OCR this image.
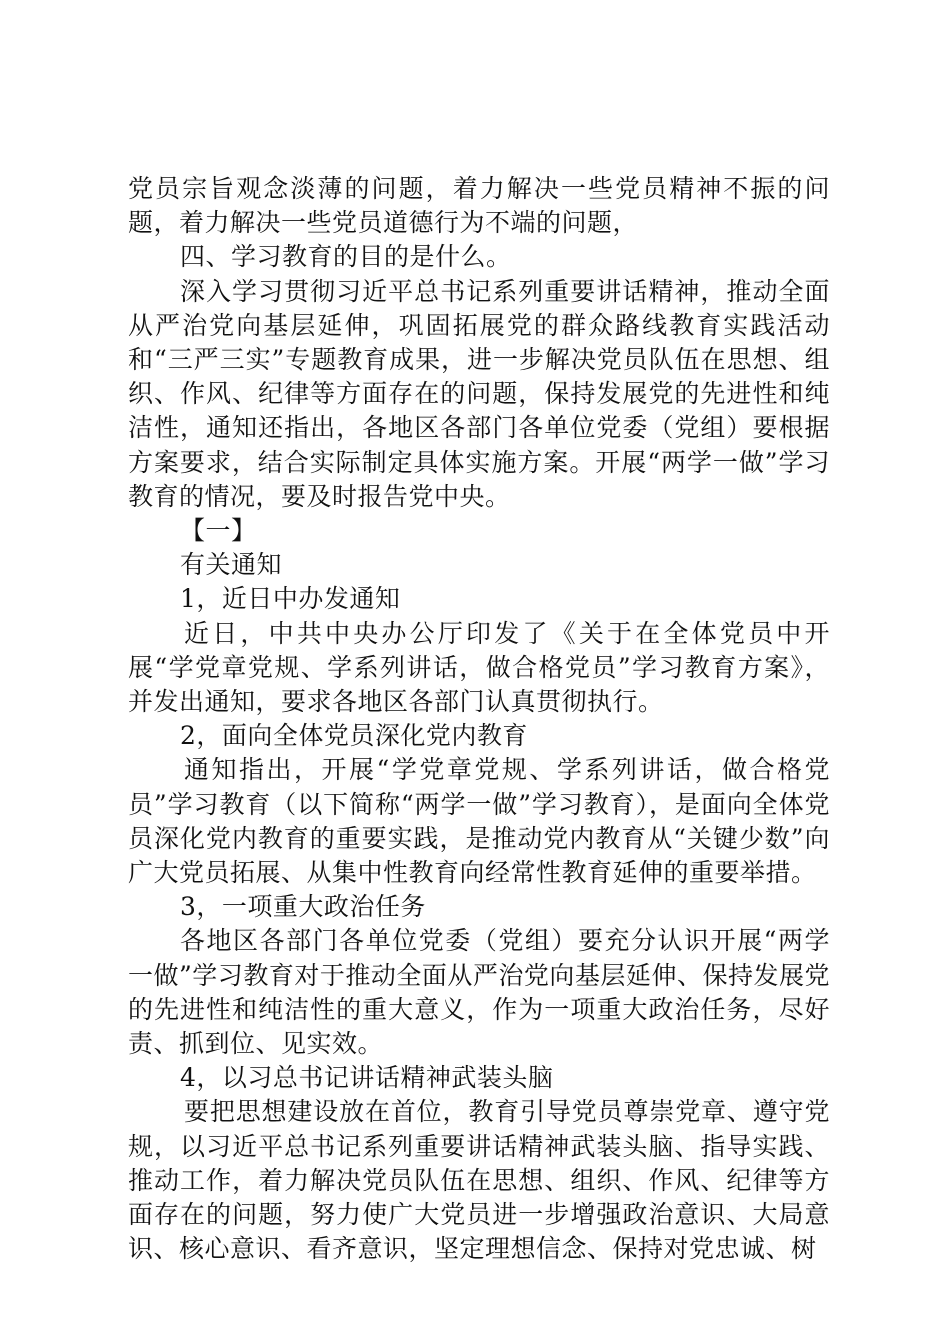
党员宗旨观念淡薄的问题，着力解决一些党员精神不振的问题，着力解决一些党员道德行为不端的问题，

四、学习教育的目的是什么。

深入学习贯彻习近平总书记系列重要讲话精神，推动全面从严治党向基层延伸，巩固拓展党的群众路线教育实践活动和“三严三实”专题教育成果，进一步解决党员队伍在思想、组织、作风、纪律等方面存在的问题，保持发展党的先进性和纯洁性，通知还指出，各地区各部门各单位党委（党组）要根据方案要求，结合实际制定具体实施方案。开展“两学一做”学习教育的情况，要及时报告党中央。

【一】

有关通知

1，近日中办发通知

近日，中共中央办公厅印发了《关于在全体党员中开展“学党章党规、学系列讲话，做合格党员”学习教育方案》，并发出通知，要求各地区各部门认真贯彻执行。

2，面向全体党员深化党内教育

通知指出，开展“学党章党规、学系列讲话，做合格党员”学习教育（以下简称“两学一做”学习教育），是面向全体党员深化党内教育的重要实践，是推动党内教育从“关键少数”向广大党员拓展、从集中性教育向经常性教育延伸的重要举措。

3，一项重大政治任务

各地区各部门各单位党委（党组）要充分认识开展“两学一做”学习教育对于推动全面从严治党向基层延伸、保持发展党的先进性和纯洁性的重大意义，作为一项重大政治任务，尽好责、抓到位、见实效。

4，以习总书记讲话精神武装头脑

要把思想建设放在首位，教育引导党员尊崇党章、遵守党规，以习近平总书记系列重要讲话精神武装头脑、指导实践、推动工作，着力解决党员队伍在思想、组织、作风、纪律等方面存在的问题，努力使广大党员进一步增强政治意识、大局意识、核心意识、看齐意识，坚定理想信念、保持对党忠诚、树
